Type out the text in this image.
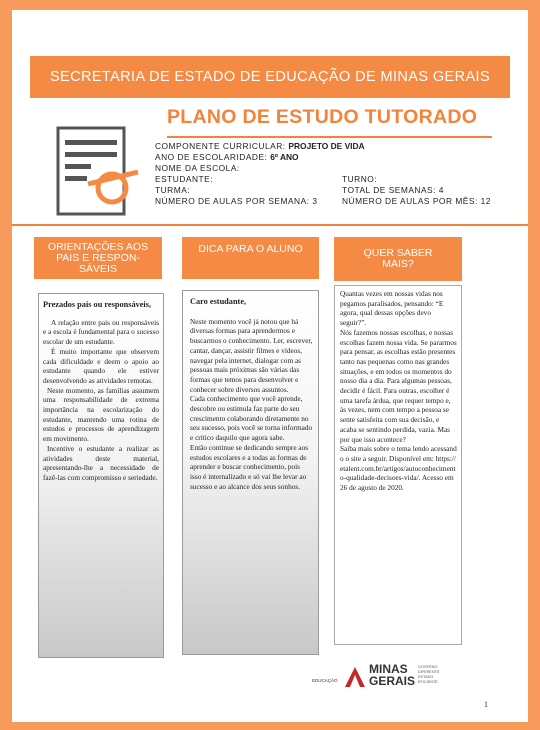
SECRETARIA DE ESTADO DE EDUCAÇÃO DE MINAS GERAIS
PLANO DE ESTUDO TUTORADO
COMPONENTE CURRICULAR: PROJETO DE VIDA
ANO DE ESCOLARIDADE: 6º ANO
NOME DA ESCOLA:
ESTUDANTE:	TURNO:
TURMA:	TOTAL DE SEMANAS: 4
NÚMERO DE AULAS POR SEMANA: 3	NÚMERO DE AULAS POR MÊS: 12
ORIENTAÇÕES AOS
PAIS E RESPON-
SÁVEIS
DICA PARA O ALUNO	QUER SABER
MAIS?

Prezados pais ou responsáveis,

A relação entre pais ou responsáveis e a escola é fundamental para o sucesso escolar de um estudante.

É muito importante que observem cada dificuldade e deem o apoio ao estudante quando ele estiver desenvolvendo as atividades remotas.

Neste momento, as famílias assumem uma responsabilidade de extrema importância na escolarização do estudante, mantendo uma rotina de estudos e processos de aprendizagem em movimento.

Incentive o estudante a realizar as atividades deste material, apresentando-lhe a necessidade de fazê-las com compromisso e seriedade.

Caro estudante,

Neste momento você já notou que há diversas formas para aprendermos e buscarmos o conhecimento. Ler, escrever, cantar, dançar, assistir filmes e vídeos, navegar pela internet, dialogar com as pessoas mais próximas são várias das formas que temos para desenvolver e conhecer sobre diversos assuntos.

Cada conhecimento que você aprende, descobre ou estimula faz parte do seu crescimento colaborando diretamente no seu sucesso, pois você se torna informado e crítico daquilo que agora sabe.

Então continue se dedicando sempre aos estudos escolares e a todas as formas de aprender e buscar conhecimento, pois isso é internalizado e só vai lhe levar ao sucesso e ao alcance dos seus sonhos.

Quantas vezes em nossas vidas nos pegamos paralisados, pensando: “E agora, qual dessas opções devo seguir?”.

Nós fazemos nossas escolhas, e nossas escolhas fazem nossa vida. Se pararmos para pensar, as escolhas estão presentes tanto nas pequenas como nas grandes situações, e em todos os momentos do nosso dia a dia. Para algumas pessoas, decidir é fácil. Para outras, escolher é uma tarefa árdua, que requer tempo e, às vezes, nem com tempo a pessoa se sente satisfeita com sua decisão, e acaba se sentindo perdida, vazia. Mas por que isso acontece?

Saiba mais sobre o tema lendo acessando o site a seguir. Disponível em: https://etalent.com.br/artigos/autoconhecimento-qualidade-decisoes-vida/. Acesso em 26 de agosto de 2020.

EDUCAÇÃO
MINAS
GERAIS
GOVERNO
DIFERENTE.
ESTADO
EFICIENTE.
1
